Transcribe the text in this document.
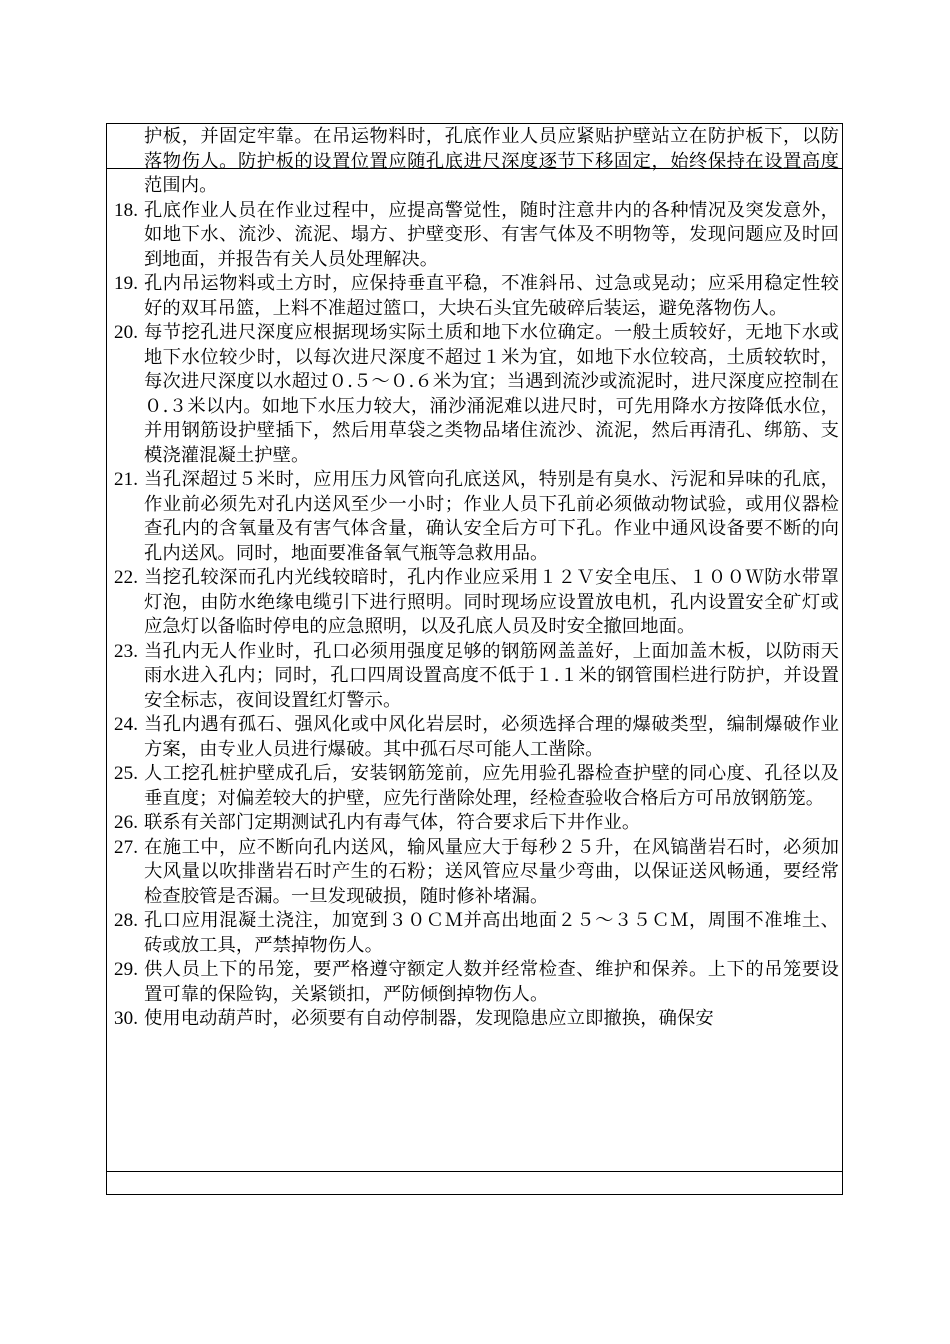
护板，并固定牢靠。在吊运物料时，孔底作业人员应紧贴护壁站立在防护板下，以防落物伤人。防护板的设置位置应随孔底进尺深度逐节下移固定，始终保持在设置高度范围内。
18. 孔底作业人员在作业过程中，应提高警觉性，随时注意井内的各种情况及突发意外，如地下水、流沙、流泥、塌方、护壁变形、有害气体及不明物等，发现问题应及时回到地面，并报告有关人员处理解决。
19. 孔内吊运物料或土方时，应保持垂直平稳，不准斜吊、过急或晃动；应采用稳定性较好的双耳吊篮，上料不准超过篮口，大块石头宜先破碎后装运，避免落物伤人。
20. 每节挖孔进尺深度应根据现场实际土质和地下水位确定。一般土质较好，无地下水或地下水位较少时，以每次进尺深度不超过１米为宜，如地下水位较高，土质较软时，每次进尺深度以水超过０.５～０.６米为宜；当遇到流沙或流泥时，进尺深度应控制在０.３米以内。如地下水压力较大，涌沙涌泥难以进尺时，可先用降水方按降低水位，并用钢筋设护壁插下，然后用草袋之类物品堵住流沙、流泥，然后再清孔、绑筋、支模浇灌混凝土护壁。
21. 当孔深超过５米时，应用压力风管向孔底送风，特别是有臭水、污泥和异味的孔底，作业前必须先对孔内送风至少一小时；作业人员下孔前必须做动物试验，或用仪器检查孔内的含氧量及有害气体含量，确认安全后方可下孔。作业中通风设备要不断的向孔内送风。同时，地面要准备氧气瓶等急救用品。
22. 当挖孔较深而孔内光线较暗时，孔内作业应采用１２Ｖ安全电压、１００Ｗ防水带罩灯泡，由防水绝缘电缆引下进行照明。同时现场应设置放电机，孔内设置安全矿灯或应急灯以备临时停电的应急照明，以及孔底人员及时安全撤回地面。
23. 当孔内无人作业时，孔口必须用强度足够的钢筋网盖盖好，上面加盖木板，以防雨天雨水进入孔内；同时，孔口四周设置高度不低于１.１米的钢管围栏进行防护，并设置安全标志，夜间设置红灯警示。
24. 当孔内遇有孤石、强风化或中风化岩层时，必须选择合理的爆破类型，编制爆破作业方案，由专业人员进行爆破。其中孤石尽可能人工凿除。
25. 人工挖孔桩护壁成孔后，安装钢筋笼前，应先用验孔器检查护壁的同心度、孔径以及垂直度；对偏差较大的护壁，应先行凿除处理，经检查验收合格后方可吊放钢筋笼。
26. 联系有关部门定期测试孔内有毒气体，符合要求后下井作业。
27. 在施工中，应不断向孔内送风，输风量应大于每秒２５升，在风镐凿岩石时，必须加大风量以吹排凿岩石时产生的石粉；送风管应尽量少弯曲，以保证送风畅通，要经常检查胶管是否漏。一旦发现破损，随时修补堵漏。
28. 孔口应用混凝土浇注，加宽到３０ＣＭ并高出地面２５～３５ＣＭ，周围不准堆土、砖或放工具，严禁掉物伤人。
29. 供人员上下的吊笼，要严格遵守额定人数并经常检查、维护和保养。上下的吊笼要设置可靠的保险钩，关紧锁扣，严防倾倒掉物伤人。
30. 使用电动葫芦时，必须要有自动停制器，发现隐患应立即撤换，确保安
